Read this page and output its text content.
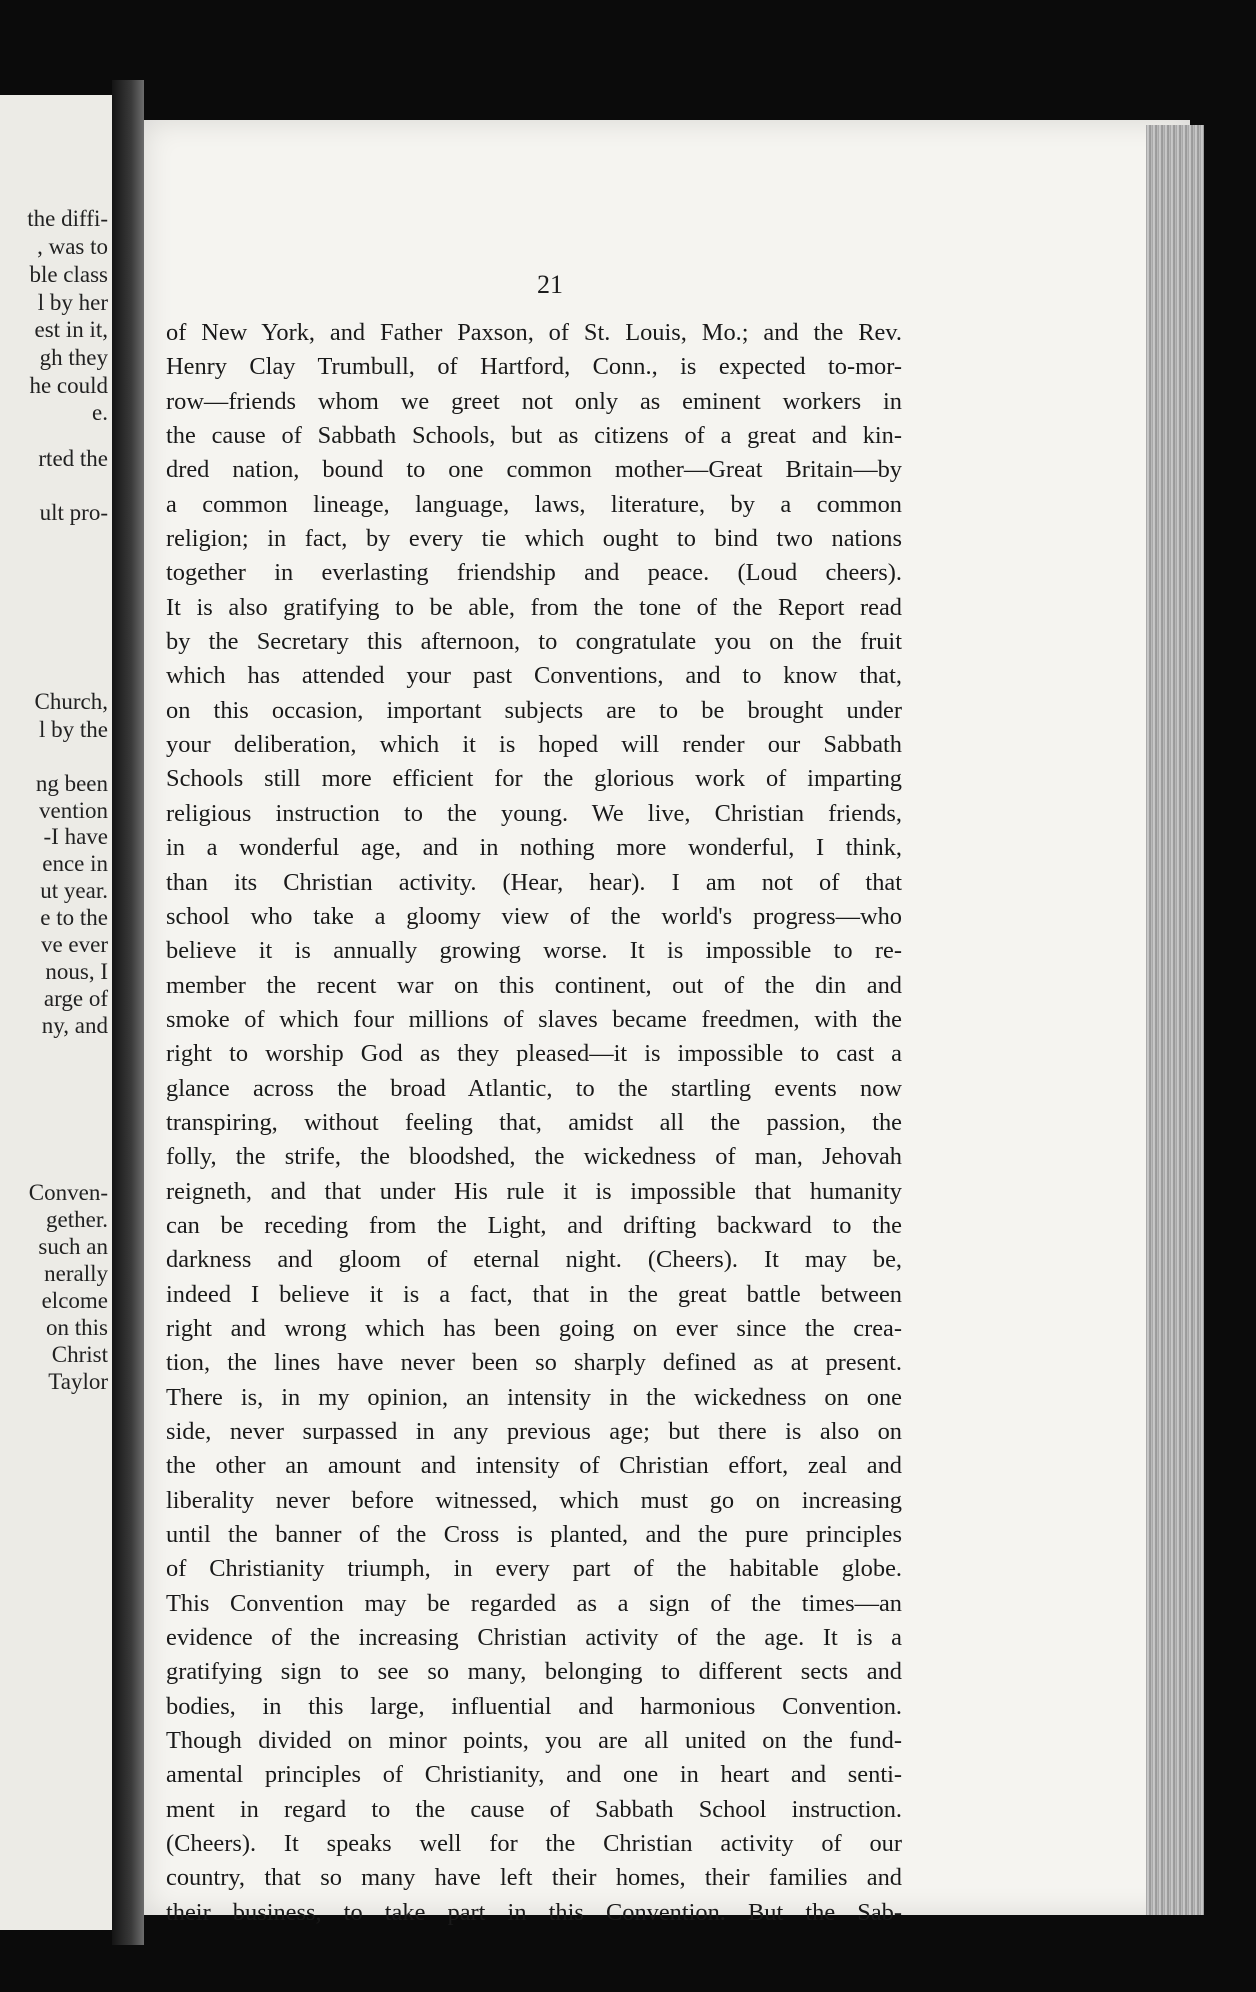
the diffi-
, was to
ble class
l by her
est in it,
gh they
he could
e.
rted the
ult pro-
Church,
l by the
ng been
vention
-I have
ence in
ut year.
e to the
ve ever
nous, I
arge of
ny, and
Conven-
gether.
such an
nerally
elcome
on this
Christ
Taylor
21
of New York, and Father Paxson, of St. Louis, Mo.; and the Rev.
Henry Clay Trumbull, of Hartford, Conn., is expected to-mor-
row—friends whom we greet not only as eminent workers in
the cause of Sabbath Schools, but as citizens of a great and kin-
dred nation, bound to one common mother—Great Britain—by
a common lineage, language, laws, literature, by a common
religion; in fact, by every tie which ought to bind two nations
together in everlasting friendship and peace. (Loud cheers).
It is also gratifying to be able, from the tone of the Report read
by the Secretary this afternoon, to congratulate you on the fruit
which has attended your past Conventions, and to know that,
on this occasion, important subjects are to be brought under
your deliberation, which it is hoped will render our Sabbath
Schools still more efficient for the glorious work of imparting
religious instruction to the young. We live, Christian friends,
in a wonderful age, and in nothing more wonderful, I think,
than its Christian activity. (Hear, hear). I am not of that
school who take a gloomy view of the world's progress—who
believe it is annually growing worse. It is impossible to re-
member the recent war on this continent, out of the din and
smoke of which four millions of slaves became freedmen, with the
right to worship God as they pleased—it is impossible to cast a
glance across the broad Atlantic, to the startling events now
transpiring, without feeling that, amidst all the passion, the
folly, the strife, the bloodshed, the wickedness of man, Jehovah
reigneth, and that under His rule it is impossible that humanity
can be receding from the Light, and drifting backward to the
darkness and gloom of eternal night. (Cheers). It may be,
indeed I believe it is a fact, that in the great battle between
right and wrong which has been going on ever since the crea-
tion, the lines have never been so sharply defined as at present.
There is, in my opinion, an intensity in the wickedness on one
side, never surpassed in any previous age; but there is also on
the other an amount and intensity of Christian effort, zeal and
liberality never before witnessed, which must go on increasing
until the banner of the Cross is planted, and the pure principles
of Christianity triumph, in every part of the habitable globe.
This Convention may be regarded as a sign of the times—an
evidence of the increasing Christian activity of the age. It is a
gratifying sign to see so many, belonging to different sects and
bodies, in this large, influential and harmonious Convention.
Though divided on minor points, you are all united on the fund-
amental principles of Christianity, and one in heart and senti-
ment in regard to the cause of Sabbath School instruction.
(Cheers). It speaks well for the Christian activity of our
country, that so many have left their homes, their families and
their business, to take part in this Convention. But the Sab-
